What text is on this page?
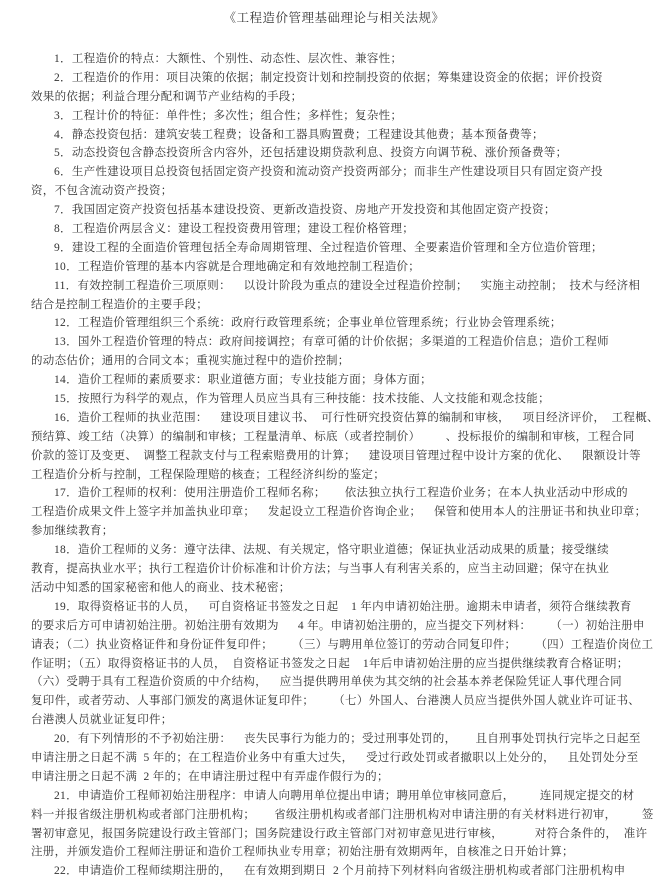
《工程造价管理基础理论与相关法规》
1．工程造价的特点：大额性、个别性、动态性、层次性、兼容性；
2．工程造价的作用：项目决策的依据；制定投资计划和控制投资的依据；筹集建设资金的依据；评价投资
效果的依据；利益合理分配和调节产业结构的手段；
3．工程计价的特征：单件性；多次性；组合性；多样性；复杂性；
4．静态投资包括：建筑安装工程费；设备和工器具购置费；工程建设其他费；基本预备费等；
5．动态投资包含静态投资所含内容外，还包括建设期贷款利息、投资方向调节税、涨价预备费等；
6．生产性建设项目总投资包括固定资产投资和流动资产投资两部分；而非生产性建设项目只有固定资产投
资，不包含流动资产投资；
7．我国固定资产投资包括基本建设投资、更新改造投资、房地产开发投资和其他固定资产投资；
8．工程造价两层含义：建设工程投资费用管理；建设工程价格管理；
9．建设工程的全面造价管理包括全寿命周期管理、全过程造价管理、全要素造价管理和全方位造价管理；
10．工程造价管理的基本内容就是合理地确定和有效地控制工程造价；
11．有效控制工程造价三项原则：    以设计阶段为重点的建设全过程造价控制；    实施主动控制；  技术与经济相
结合是控制工程造价的主要手段；
12．工程造价管理组织三个系统：政府行政管理系统；企事业单位管理系统；行业协会管理系统；
13．国外工程造价管理的特点：政府间接调控；有章可循的计价依据；多渠道的工程造价信息；造价工程师
的动态估价；通用的合同文本；重视实施过程中的造价控制；
14．造价工程师的素质要求：职业道德方面；专业技能方面；身体方面；
15．按照行为科学的观点，作为管理人员应当具有三种技能：技术技能、人文技能和观念技能；
16．造价工程师的执业范围：    建设项目建议书、  可行性研究投资估算的编制和审核，    项目经济评价，  工程概、
预结算、竣工结（决算）的编制和审核；工程量清单、标底（或者控制价）        、投标报价的编制和审核，工程合同
价款的签订及变更、  调整工程款支付与工程索赔费用的计算；    建设项目管理过程中设计方案的优化、    限额设计等
工程造价分析与控制，工程保险理赔的核查；工程经济纠纷的鉴定；
17．造价工程师的权利：使用注册造价工程师名称；      依法独立执行工程造价业务；在本人执业活动中形成的
工程造价成果文件上签字并加盖执业印章；    发起设立工程造价咨询企业；    保管和使用本人的注册证书和执业印章；
参加继续教育；
18．造价工程师的义务：遵守法律、法规、有关规定，恪守职业道德；保证执业活动成果的质量；接受继续
教育，提高执业水平；执行工程造价计价标准和计价方法；与当事人有利害关系的，应当主动回避；保守在执业
活动中知悉的国家秘密和他人的商业、技术秘密；
19．取得资格证书的人员，    可自资格证书签发之日起    1 年内申请初始注册。逾期未申请者，须符合继续教育
的要求后方可申请初始注册。初始注册有效期为      4 年。申请初始注册的，应当提交下列材料：      （一）初始注册申
请表；（二）执业资格证件和身份证件复印件；      （三）与聘用单位签订的劳动合同复印件；      （四）工程造价岗位工
作证明；（五）取得资格证书的人员，  自资格证书签发之日起    1年后申请初始注册的应当提供继续教育合格证明；
（六）受聘于具有工程造价资质的中介结构，    应当提供聘用单侠为其交纳的社会基本养老保险凭证人事代理合同
复印件，或者劳动、人事部门颁发的离退休证复印件；      （七）外国人、台港澳人员应当提供外国人就业许可证书、
台港澳人员就业证复印件；
20．有下列情形的不予初始注册：    丧失民事行为能力的；受过刑事处罚的，      且自刑事处罚执行完毕之日起至
申请注册之日起不满  5 年的；在工程造价业务中有重大过失，    受过行政处罚或者撤职以上处分的，    且处罚处分至
申请注册之日起不满  2 年的；在申请注册过程中有弄虚作假行为的；
21．申请造价工程师初始注册程序：申请人向聘用单位提出申请；聘用单位审核同意后，        连同规定提交的材
料一并报省级注册机构或者部门注册机构；      省级注册机构或者部门注册机构对申请注册的有关材料进行初审，        签
署初审意见，报国务院建设行政主管部门；国务院建设行政主管部门对初审意见进行审核，          对符合条件的，  准许
注册，并颁发造价工程师注册证和造价工程师执业专用章；初始注册有效期两年，自核准之日开始计算；
22．申请造价工程师续期注册的，    在有效期到期日  2 个月前持下列材料向省级注册机构或者部门注册机构申
